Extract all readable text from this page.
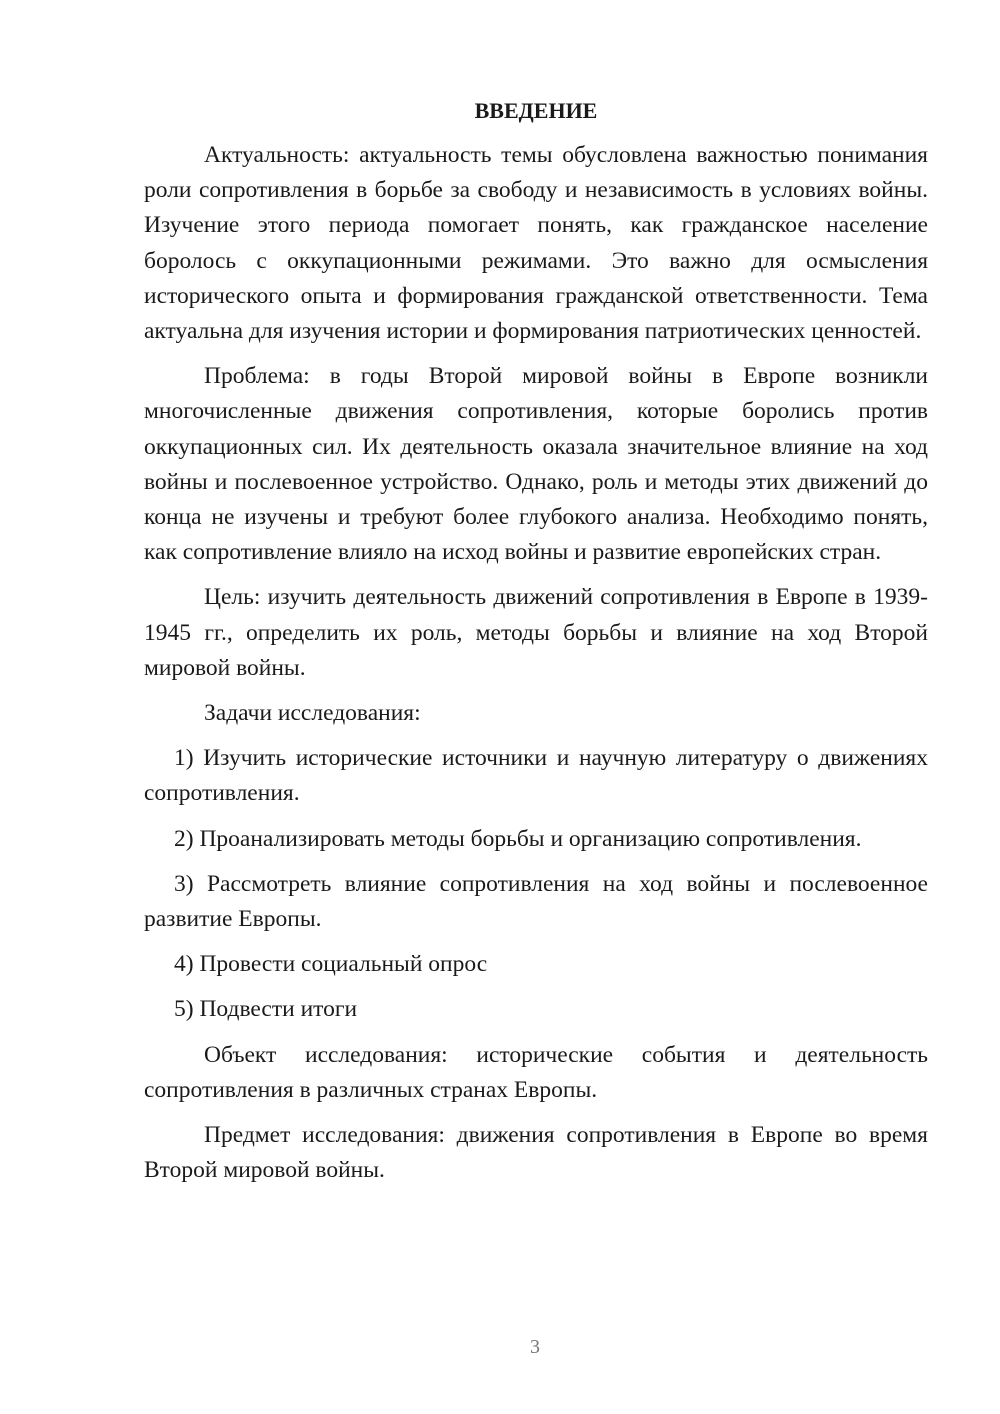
ВВЕДЕНИЕ

Актуальность: актуальность темы обусловлена важностью понимания роли сопротивления в борьбе за свободу и независимость в условиях войны. Изучение этого периода помогает понять, как гражданское население боролось с оккупационными режимами. Это важно для осмысления исторического опыта и формирования гражданской ответственности. Тема актуальна для изучения истории и формирования патриотических ценностей.

Проблема: в годы Второй мировой войны в Европе возникли многочисленные движения сопротивления, которые боролись против оккупационных сил. Их деятельность оказала значительное влияние на ход войны и послевоенное устройство. Однако, роль и методы этих движений до конца не изучены и требуют более глубокого анализа. Необходимо понять, как сопротивление влияло на исход войны и развитие европейских стран.

Цель: изучить деятельность движений сопротивления в Европе в 1939-1945 гг., определить их роль, методы борьбы и влияние на ход Второй мировой войны.

Задачи исследования:

1) Изучить исторические источники и научную литературу о движениях сопротивления.

2) Проанализировать методы борьбы и организацию сопротивления.

3) Рассмотреть влияние сопротивления на ход войны и послевоенное развитие Европы.

4) Провести социальный опрос

5) Подвести итоги

Объект исследования: исторические события и деятельность сопротивления в различных странах Европы.

Предмет исследования: движения сопротивления в Европе во время Второй мировой войны.

3
